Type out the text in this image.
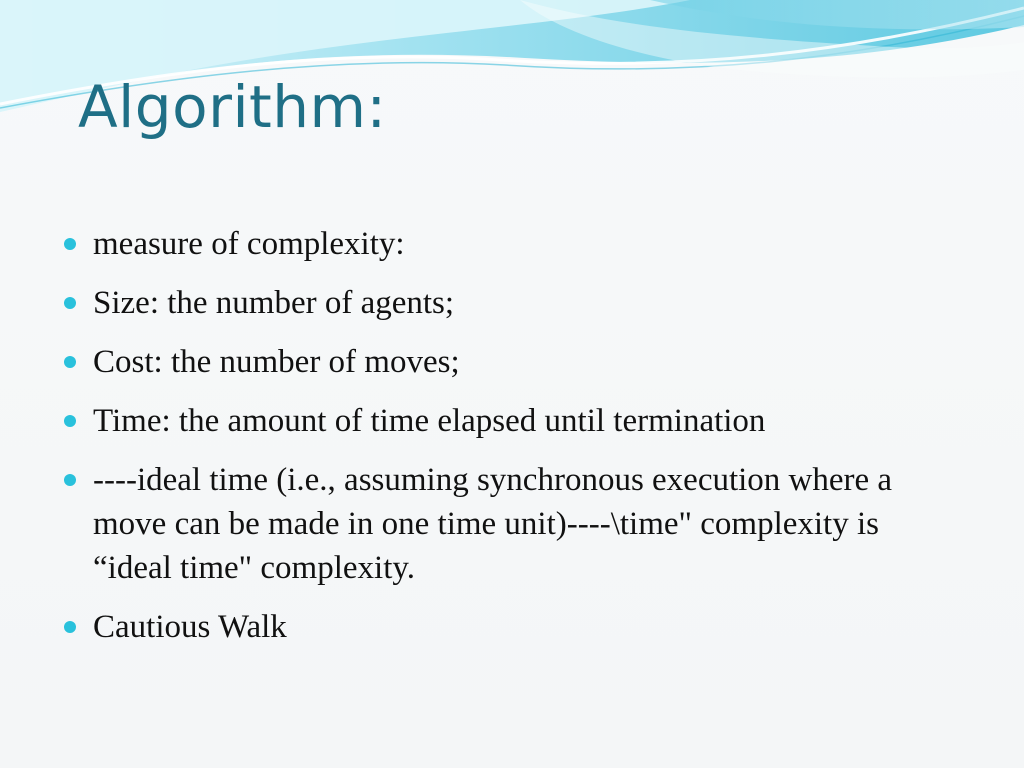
Algorithm:
measure of complexity:
Size: the number of agents;
Cost: the number of moves;
Time: the amount of time elapsed until termination
----ideal time (i.e., assuming synchronous execution where a move can be made in one time unit)----\time" complexity is “ideal time" complexity.
Cautious Walk
